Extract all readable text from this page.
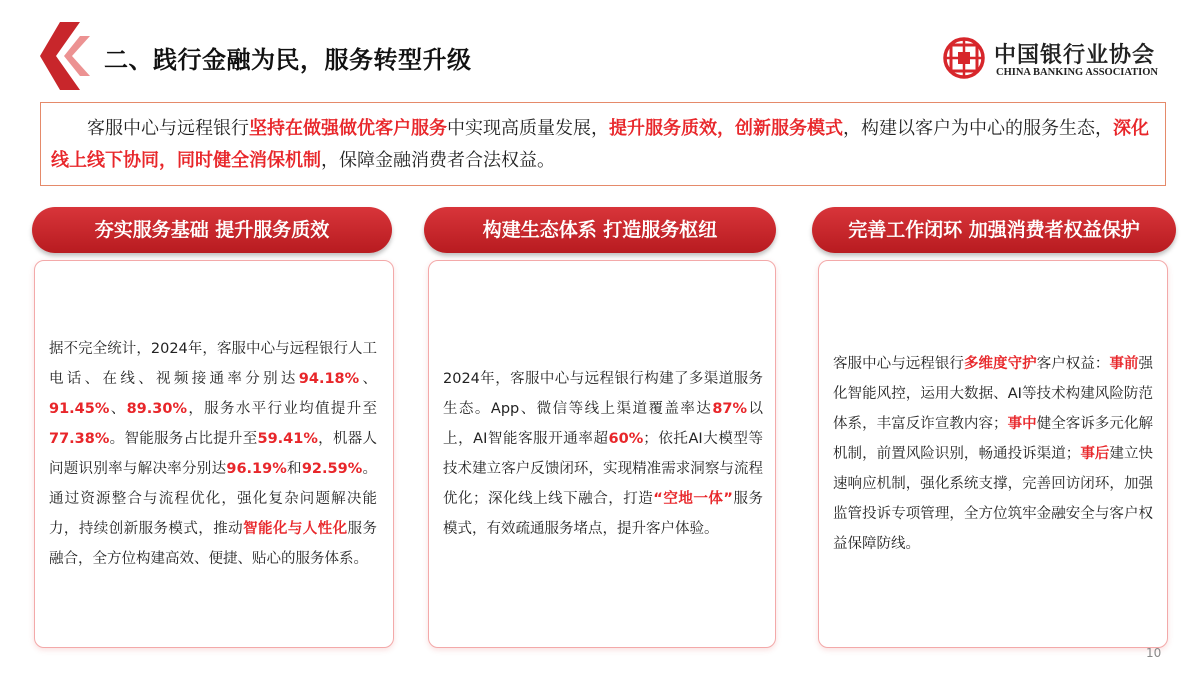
二、践行金融为民，服务转型升级	中国银行业协会
CHINA BANKING ASSOCIATION
客服中心与远程银行坚持在做强做优客户服务中实现高质量发展，提升服务质效，创新服务模式，构建以客户为中心的服务生态，深化线上线下协同，同时健全消保机制，保障金融消费者合法权益。
夯实服务基础 提升服务质效	构建生态体系 打造服务枢纽	完善工作闭环 加强消费者权益保护
据不完全统计，2024年，客服中心与远程银行人工电话、在线、视频接通率分别达94.18%、91.45%、89.30%，服务水平行业均值提升至77.38%。智能服务占比提升至59.41%，机器人问题识别率与解决率分别达96.19%和92.59%。通过资源整合与流程优化，强化复杂问题解决能力，持续创新服务模式，推动智能化与人性化服务融合，全方位构建高效、便捷、贴心的服务体系。
2024年，客服中心与远程银行构建了多渠道服务生态。App、微信等线上渠道覆盖率达87%以上，AI智能客服开通率超60%；依托AI大模型等技术建立客户反馈闭环，实现精准需求洞察与流程优化；深化线上线下融合，打造“空地一体”服务模式，有效疏通服务堵点，提升客户体验。
客服中心与远程银行多维度守护客户权益：事前强化智能风控，运用大数据、AI等技术构建风险防范体系，丰富反诈宣教内容；事中健全客诉多元化解机制，前置风险识别，畅通投诉渠道；事后建立快速响应机制，强化系统支撑，完善回访闭环，加强监管投诉专项管理，全方位筑牢金融安全与客户权益保障防线。
10
